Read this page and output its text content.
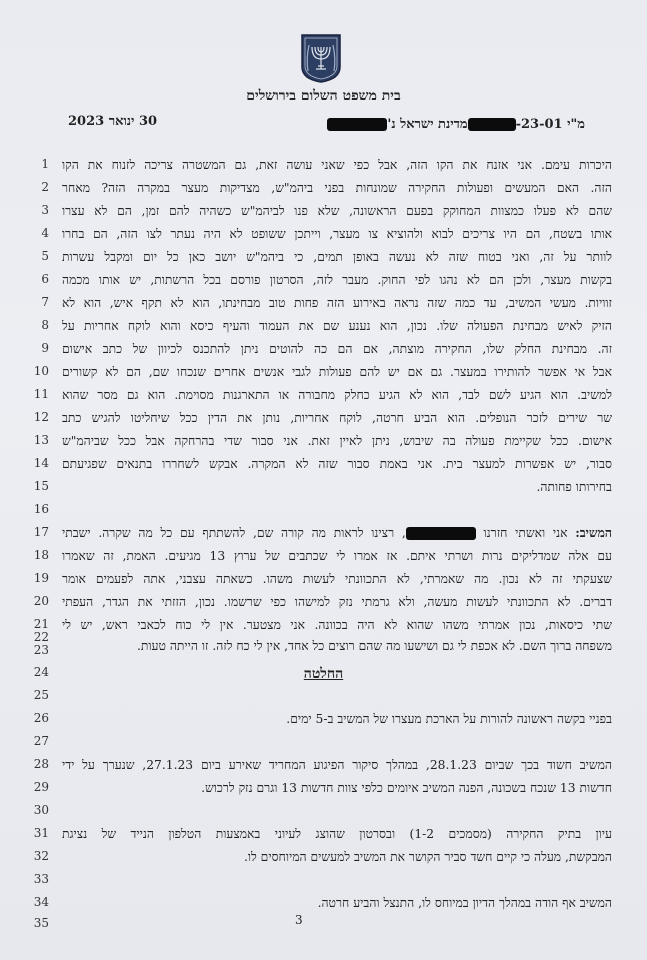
בית משפט השלום בירושלים
30 ינואר 2023	מ"י 23-01-מדינת ישראל נ'
1
2
3
4
5
6
7
8
9
10
11
12
13
14
15
16
17
18
19
20
21
22
23
24
25
26
27
28
29
30
31
32
33
34
35
היכרות עימם. אני אזנח את הקו הזה, אבל כפי שאני עושה זאת, גם המשטרה צריכה לזנוח את הקו
הזה. האם המעשים ופעולות החקירה שמונחות בפני ביהמ"ש, מצדיקות מעצר במקרה הזה? מאחר
שהם לא פעלו כמצוות המחוקק בפעם הראשונה, שלא פנו לביהמ"ש כשהיה להם זמן, הם לא עצרו
אותו בשטח, הם היו צריכים לבוא ולהוציא צו מעצר, וייתכן ששופט לא היה נעתר לצו הזה, הם בחרו
לוותר על זה, ואני בטוח שזה לא נעשה באופן תמים, כי ביהמ"ש יושב כאן כל יום ומקבל עשרות
בקשות מעצר, ולכן הם לא נהגו לפי החוק. מעבר לזה, הסרטון פורסם בכל הרשתות, יש אותו מכמה
זוויות. מעשי המשיב, עד כמה שזה נראה באירוע הזה פחות טוב מבחינתו, הוא לא תקף איש, הוא לא
הזיק לאיש מבחינת הפעולה שלו. נכון, הוא נענע שם את העמוד והעיף כיסא והוא לוקח אחריות על
זה. מבחינת החלק שלו, החקירה מוצתה, אם הם כה להוטים ניתן להתכנס לכיוון של כתב אישום
אבל אי אפשר להותירו במעצר. גם אם יש להם פעולות לגבי אנשים אחרים שנכחו שם, הם לא קשורים
למשיב. הוא הגיע לשם לבד, הוא לא הגיע כחלק מחבורה או התארגנות מסוימת. הוא גם מסר שהוא
שר שירים לזכר הנופלים. הוא הביע חרטה, לוקח אחריות, נותן את הדין ככל שיחליטו להגיש כתב
אישום. ככל שקיימת פעולה בה שיבוש, ניתן לאיין זאת. אני סבור שדי בהרחקה אבל ככל שביהמ"ש
סבור, יש אפשרות למעצר בית. אני באמת סבור שזה לא המקרה. אבקש לשחררו בתנאים שפגיעתם
בחירותו פחותה.
המשיב: אני ואשתי חזרנו , רצינו לראות מה קורה שם, להשתתף עם כל מה שקרה. ישבתי
עם אלה שמדליקים נרות ושרתי איתם. אז אמרו לי שכתבים של ערוץ 13 מגיעים. האמת, זה שאמרו
שצעקתי זה לא נכון. מה שאמרתי, לא התכוונתי לעשות משהו. כשאתה עצבני, אתה לפעמים אומר
דברים. לא התכוונתי לעשות מעשה, ולא גרמתי נזק למישהו כפי שרשמו. נכון, הזזתי את הגדר, העפתי
שתי כיסאות, נכון אמרתי משהו שהוא לא היה בכוונה. אני מצטער. אין לי כוח לכאבי ראש, יש לי
משפחה ברוך השם. לא אכפת לי גם ושישעו מה שהם רוצים כל אחד, אין לי כח לזה. זו הייתה טעות.
החלטה
בפניי בקשה ראשונה להורות על הארכת מעצרו של המשיב ב-5 ימים.
המשיב חשוד בכך שביום 28.1.23, במהלך סיקור הפיגוע המחריד שאירע ביום 27.1.23, שנערך על ידי
חדשות 13 שנכח בשכונה, הפנה המשיב איומים כלפי צוות חדשות 13 וגרם נזק לרכוש.
עיון בתיק החקירה (מסמכים 1-2) ובסרטון שהוצג לעיוני באמצעות הטלפון הנייד של נציגת
המבקשת, מעלה כי קיים חשד סביר הקושר את המשיב למעשים המיוחסים לו.
המשיב אף הודה במהלך הדיון במיוחס לו, התנצל והביע חרטה.
3
